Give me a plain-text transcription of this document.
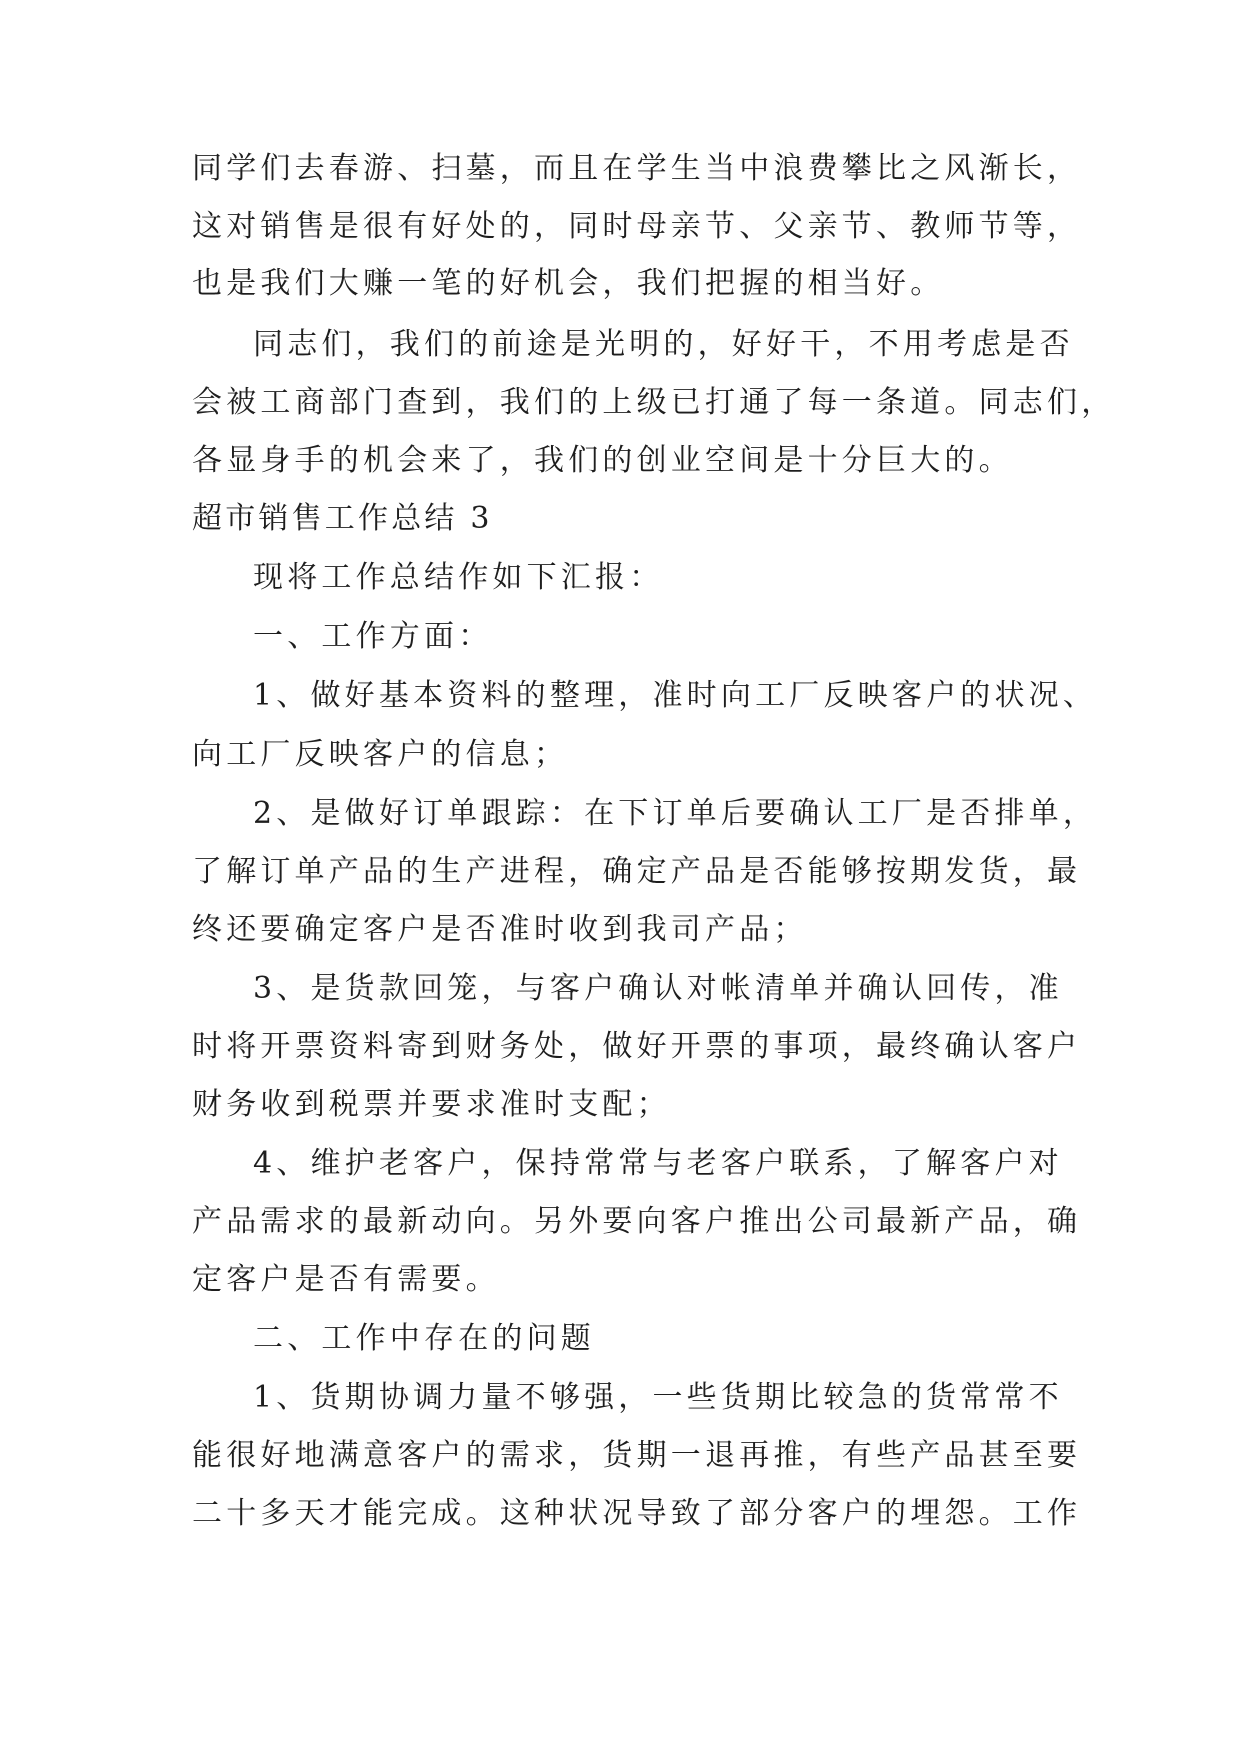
同学们去春游、扫墓，而且在学生当中浪费攀比之风渐长，

这对销售是很有好处的，同时母亲节、父亲节、教师节等，

也是我们大赚一笔的好机会，我们把握的相当好。

同志们，我们的前途是光明的，好好干，不用考虑是否

会被工商部门查到，我们的上级已打通了每一条道。同志们，

各显身手的机会来了，我们的创业空间是十分巨大的。

超市销售工作总结 3

现将工作总结作如下汇报：

一、工作方面：

1、做好基本资料的整理，准时向工厂反映客户的状况、

向工厂反映客户的信息；

2、是做好订单跟踪：在下订单后要确认工厂是否排单，

了解订单产品的生产进程，确定产品是否能够按期发货，最

终还要确定客户是否准时收到我司产品；

3、是货款回笼，与客户确认对帐清单并确认回传，准

时将开票资料寄到财务处，做好开票的事项，最终确认客户

财务收到税票并要求准时支配；

4、维护老客户，保持常常与老客户联系，了解客户对

产品需求的最新动向。另外要向客户推出公司最新产品，确

定客户是否有需要。

二、工作中存在的问题

1、货期协调力量不够强，一些货期比较急的货常常不

能很好地满意客户的需求，货期一退再推，有些产品甚至要

二十多天才能完成。这种状况导致了部分客户的埋怨。工作
